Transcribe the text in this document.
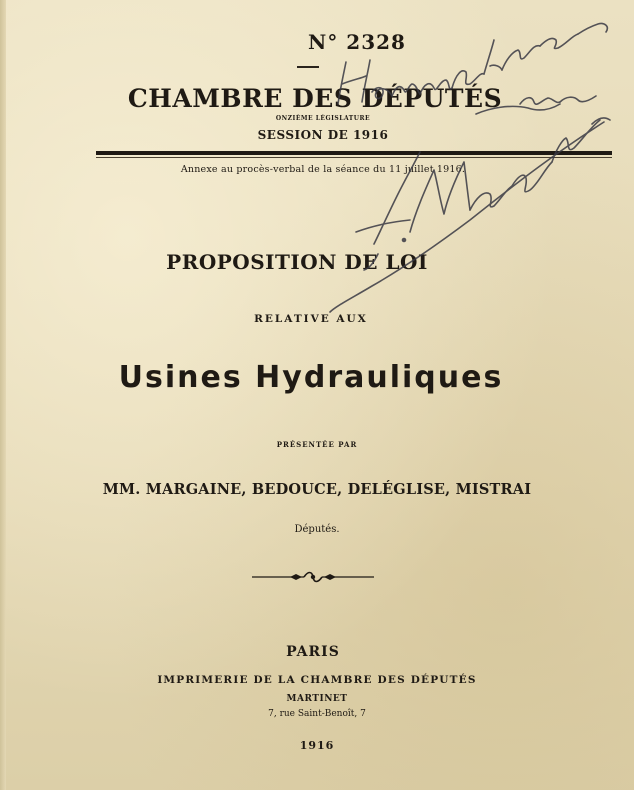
N° 2328
CHAMBRE DES DÉPUTÉS
ONZIÈME LÉGISLATURE
SESSION DE 1916
Annexe au procès-verbal de la séance du 11 juillet 1916.
PROPOSITION DE LOI
RELATIVE AUX
Usines Hydrauliques
PRÉSENTÉE PAR
MM. MARGAINE, BEDOUCE, DELÉGLISE, MISTRAI
Députés.
PARIS
IMPRIMERIE DE LA CHAMBRE DES DÉPUTÉS
MARTINET
7, rue Saint-Benoît, 7
1916
